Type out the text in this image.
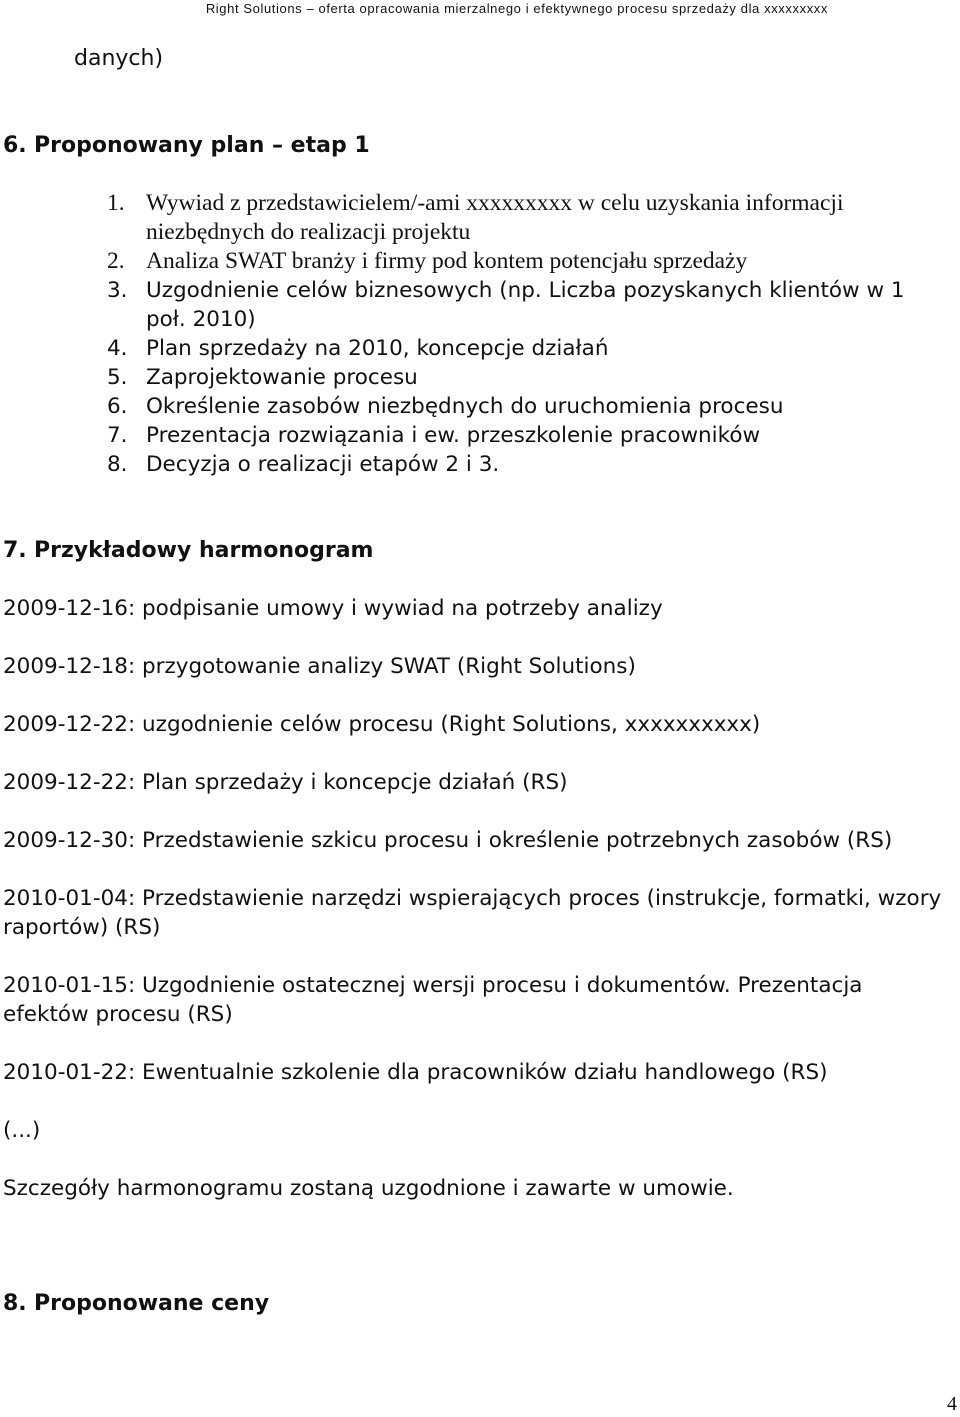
Right Solutions – oferta opracowania mierzalnego i efektywnego procesu sprzedaży dla xxxxxxxxx
danych)
6. Proponowany plan – etap 1
1. Wywiad z przedstawicielem/-ami xxxxxxxxx w celu uzyskania informacji niezbędnych do realizacji projektu
2. Analiza SWAT branży i firmy pod kontem potencjału sprzedaży
3. Uzgodnienie celów biznesowych (np. Liczba pozyskanych klientów w 1 poł. 2010)
4. Plan sprzedaży na 2010, koncepcje działań
5. Zaprojektowanie procesu
6. Określenie zasobów niezbędnych do uruchomienia procesu
7. Prezentacja rozwiązania i ew. przeszkolenie pracowników
8. Decyzja o realizacji etapów 2 i 3.
7. Przykładowy harmonogram

2009-12-16: podpisanie umowy i wywiad na potrzeby analizy

2009-12-18: przygotowanie analizy SWAT (Right Solutions)

2009-12-22: uzgodnienie celów procesu (Right Solutions, xxxxxxxxxx)

2009-12-22: Plan sprzedaży i koncepcje działań (RS)

2009-12-30: Przedstawienie szkicu procesu i określenie potrzebnych zasobów (RS)

2010-01-04: Przedstawienie narzędzi wspierających proces (instrukcje, formatki, wzory raportów) (RS)

2010-01-15: Uzgodnienie ostatecznej wersji procesu i dokumentów. Prezentacja efektów procesu (RS)

2010-01-22: Ewentualnie szkolenie dla pracowników działu handlowego (RS)

(...)

Szczegóły harmonogramu zostaną uzgodnione i zawarte w umowie.

8. Proponowane ceny
4
